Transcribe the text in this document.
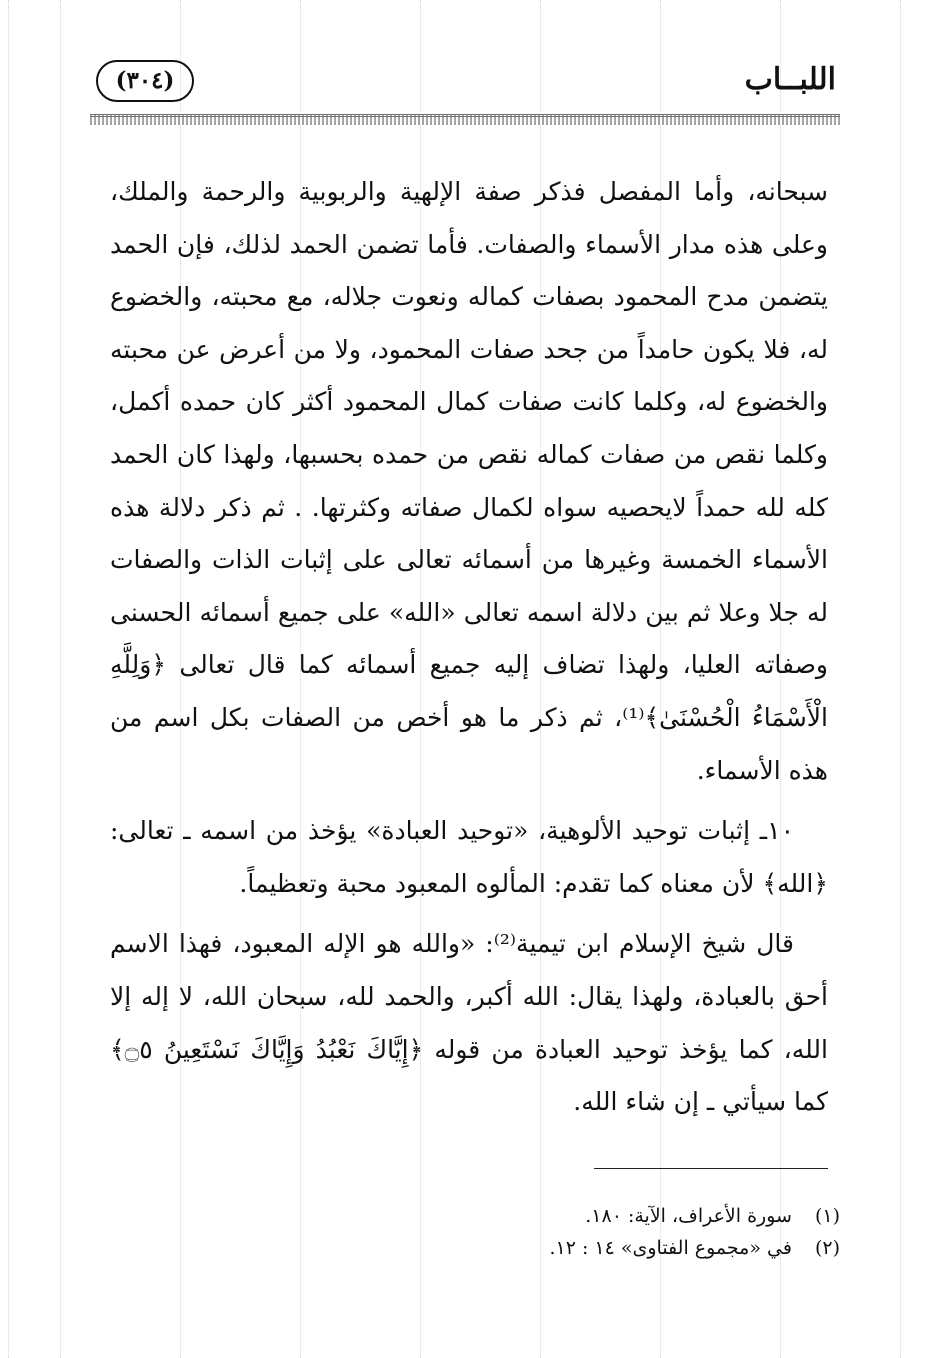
(٣٠٤)	اللبــاب

سبحانه، وأما المفصل فذكر صفة الإلهية والربوبية والرحمة والملك، وعلى هذه مدار الأسماء والصفات. فأما تضمن الحمد لذلك، فإن الحمد يتضمن مدح المحمود بصفات كماله ونعوت جلاله، مع محبته، والخضوع له، فلا يكون حامداً من جحد صفات المحمود، ولا من أعرض عن محبته والخضوع له، وكلما كانت صفات كمال المحمود أكثر كان حمده أكمل، وكلما نقص من صفات كماله نقص من حمده بحسبها، ولهذا كان الحمد كله لله حمداً لايحصيه سواه لكمال صفاته وكثرتها. . ثم ذكر دلالة هذه الأسماء الخمسة وغيرها من أسمائه تعالى على إثبات الذات والصفات له جلا وعلا ثم بين دلالة اسمه تعالى «الله» على جميع أسمائه الحسنى وصفاته العليا، ولهذا تضاف إليه جميع أسمائه كما قال تعالى ﴿وَلِلَّهِ الْأَسْمَاءُ الْحُسْنَىٰ﴾⁽¹⁾، ثم ذكر ما هو أخص من الصفات بكل اسم من هذه الأسماء.

١٠ـ إثبات توحيد الألوهية، «توحيد العبادة» يؤخذ من اسمه ـ تعالى: ﴿الله﴾ لأن معناه كما تقدم: المألوه المعبود محبة وتعظيماً.

قال شيخ الإسلام ابن تيمية⁽²⁾: «والله هو الإله المعبود، فهذا الاسم أحق بالعبادة، ولهذا يقال: الله أكبر، والحمد لله، سبحان الله، لا إله إلا الله، كما يؤخذ توحيد العبادة من قوله ﴿إِيَّاكَ نَعْبُدُ وَإِيَّاكَ نَسْتَعِينُ ۝٥﴾ كما سيأتي ـ إن شاء الله.

(١) سورة الأعراف، الآية: ١٨٠.

(٢) في «مجموع الفتاوى» ١٤ : ١٢.
